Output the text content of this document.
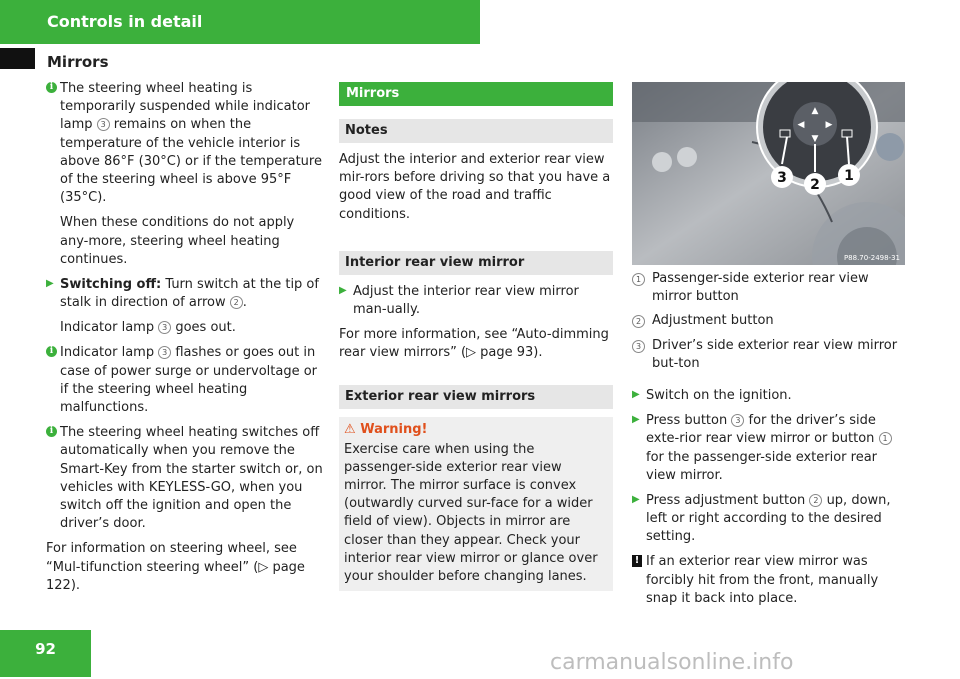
Controls in detail
Mirrors
i The steering wheel heating is temporarily suspended while indicator lamp 3 remains on when the temperature of the vehicle interior is above 86°F (30°C) or if the temperature of the steering wheel is above 95°F (35°C).

When these conditions do not apply any-more, steering wheel heating continues.

▶ Switching off: Turn switch at the tip of stalk in direction of arrow 2 .

Indicator lamp 3 goes out.

i Indicator lamp 3 flashes or goes out in case of power surge or undervoltage or if the steering wheel heating malfunctions.

i The steering wheel heating switches off automatically when you remove the Smart-Key from the starter switch or, on vehicles with KEYLESS-GO, when you switch off the ignition and open the driver’s door.

For information on steering wheel, see “Mul-tifunction steering wheel” (▷ page 122).

Mirrors
Notes

Adjust the interior and exterior rear view mir-rors before driving so that you have a good view of the road and traffic conditions.

Interior rear view mirror
▶ Adjust the interior rear view mirror man-ually.

For more information, see “Auto-dimming rear view mirrors” (▷ page 93).

Exterior rear view mirrors
⚠ Warning!

Exercise care when using the passenger-side exterior rear view mirror. The mirror surface is convex (outwardly curved sur-face for a wider field of view). Objects in mirror are closer than they appear. Check your interior rear view mirror or glance over your shoulder before changing lanes.

▲
▼
◀ ▶
3 2
1
P88.70-2498-31
1 Passenger-side exterior rear view mirror button
2 Adjustment button
3 Driver’s side exterior rear view mirror but-ton
▶ Switch on the ignition.

▶ Press button 3 for the driver’s side exte-rior rear view mirror or button 1 for the passenger-side exterior rear view mirror.

▶ Press adjustment button 2 up, down, left or right according to the desired setting.

! If an exterior rear view mirror was forcibly hit from the front, manually snap it back into place.

92
carmanualsonline.info
